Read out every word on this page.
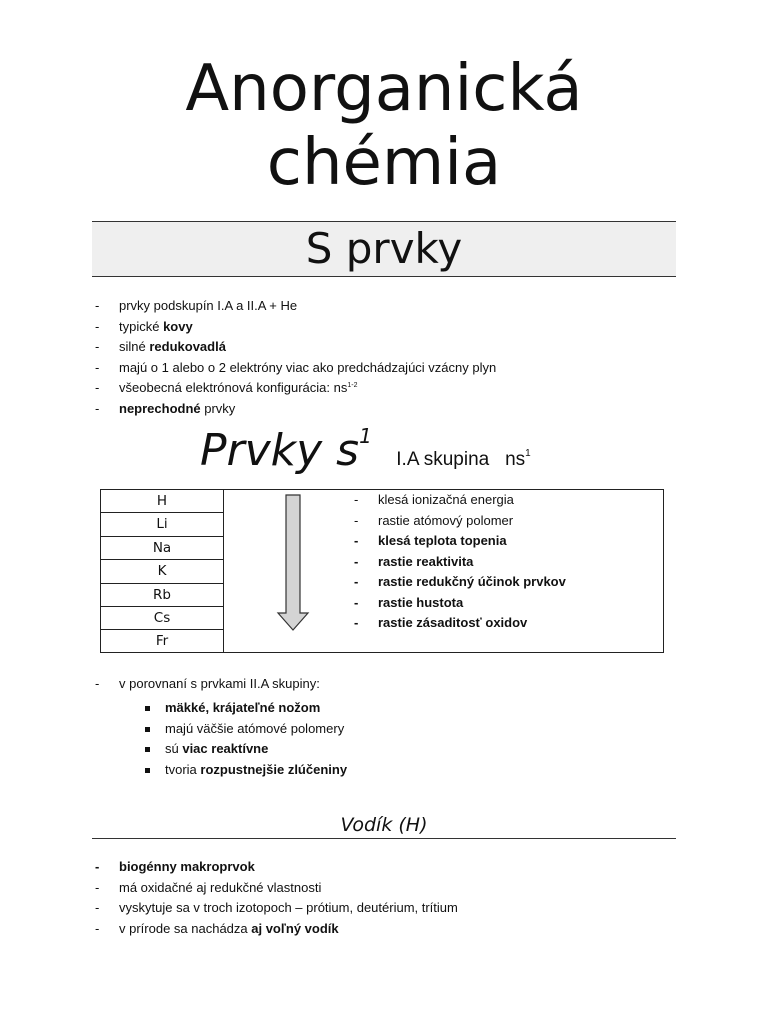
Anorganická
chémia
S prvky
- prvky podskupín I.A a II.A + He
- typické kovy
- silné redukovadlá
- majú o 1 alebo o 2 elektróny viac ako predchádzajúci vzácny plyn
- všeobecná elektrónová konfigurácia: $ns^{1-2}$
- neprechodné prvky
Prvky $s^1$ I.A skupina $ns^1$
H
Li
Na
K
Rb
Cs
Fr
- klesá ionizačná energia
- rastie atómový polomer
- klesá teplota topenia
- rastie reaktivita
- rastie redukčný účinok prvkov
- rastie hustota
- rastie zásaditosť oxidov
- v porovnaní s prvkami II.A skupiny:
mäkké, krájateľné nožom
majú väčšie atómové polomery
sú viac reaktívne
tvoria rozpustnejšie zlúčeniny
Vodík (H)
- biogénny makroprvok
- má oxidačné aj redukčné vlastnosti
- vyskytuje sa v troch izotopoch – prótium, deutérium, trítium
- v prírode sa nachádza aj voľný vodík
